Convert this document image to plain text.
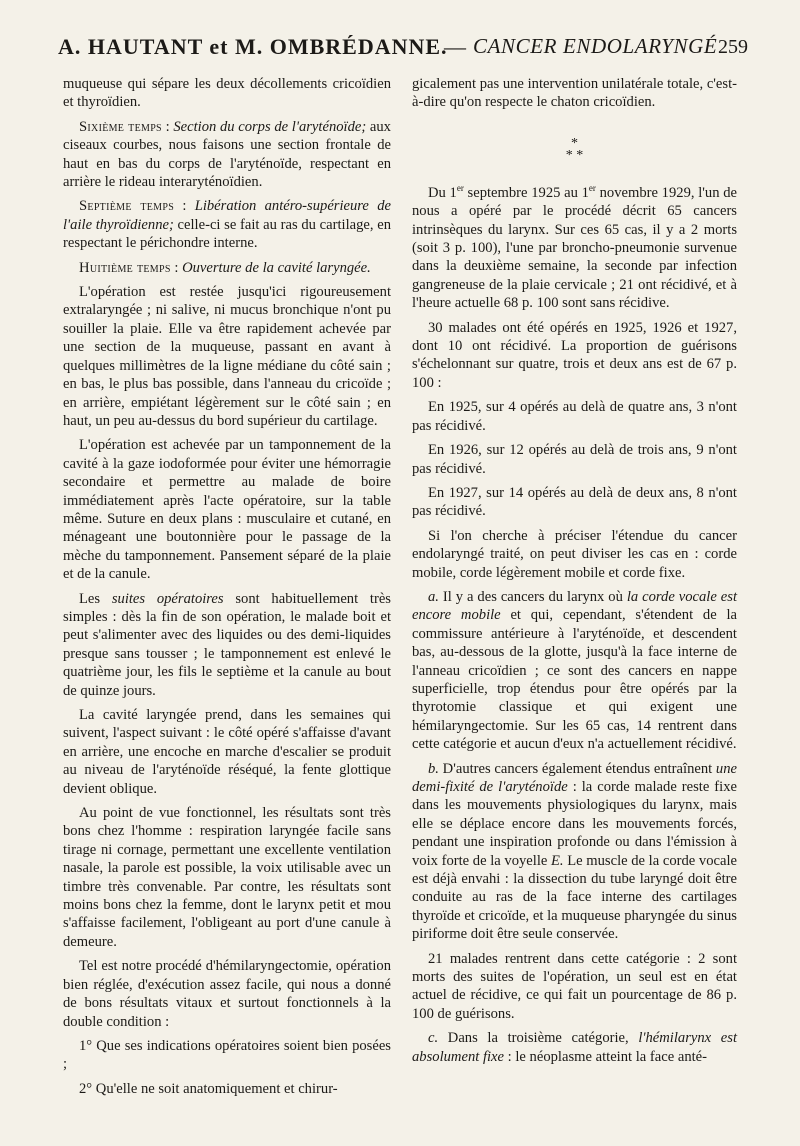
A. HAUTANT et M. OMBRÉDANNE.
— CANCER ENDOLARYNGÉ 259

muqueuse qui sépare les deux décollements cricoïdien et thyroïdien.

Sixième temps : Section du corps de l'aryténoïde; aux ciseaux courbes, nous faisons une section frontale de haut en bas du corps de l'aryténoïde, respectant en arrière le rideau interaryténoïdien.

Septième temps : Libération antéro-supérieure de l'aile thyroïdienne; celle-ci se fait au ras du cartilage, en respectant le périchondre interne.

Huitième temps : Ouverture de la cavité laryngée.

L'opération est restée jusqu'ici rigoureusement extralaryngée ; ni salive, ni mucus bronchique n'ont pu souiller la plaie. Elle va être rapidement achevée par une section de la muqueuse, passant en avant à quelques millimètres de la ligne médiane du côté sain ; en bas, le plus bas possible, dans l'anneau du cricoïde ; en arrière, empiétant légèrement sur le côté sain ; en haut, un peu au-dessus du bord supérieur du cartilage.

L'opération est achevée par un tamponnement de la cavité à la gaze iodoformée pour éviter une hémorragie secondaire et permettre au malade de boire immédiatement après l'acte opératoire, sur la table même. Suture en deux plans : musculaire et cutané, en ménageant une boutonnière pour le passage de la mèche du tamponnement. Pansement séparé de la plaie et de la canule.

Les suites opératoires sont habituellement très simples : dès la fin de son opération, le malade boit et peut s'alimenter avec des liquides ou des demi-liquides presque sans tousser ; le tamponnement est enlevé le quatrième jour, les fils le septième et la canule au bout de quinze jours.

La cavité laryngée prend, dans les semaines qui suivent, l'aspect suivant : le côté opéré s'affaisse d'avant en arrière, une encoche en marche d'escalier se produit au niveau de l'aryténoïde réséqué, la fente glottique devient oblique.

Au point de vue fonctionnel, les résultats sont très bons chez l'homme : respiration laryngée facile sans tirage ni cornage, permettant une excellente ventilation nasale, la parole est possible, la voix utilisable avec un timbre très convenable. Par contre, les résultats sont moins bons chez la femme, dont le larynx petit et mou s'affaisse facilement, l'obligeant au port d'une canule à demeure.

Tel est notre procédé d'hémilaryngectomie, opération bien réglée, d'exécution assez facile, qui nous a donné de bons résultats vitaux et surtout fonctionnels à la double condition :

1° Que ses indications opératoires soient bien posées ;

2° Qu'elle ne soit anatomiquement et chirur-

gicalement pas une intervention unilatérale totale, c'est-à-dire qu'on respecte le chaton cricoïdien.

*
* *

Du 1er septembre 1925 au 1er novembre 1929, l'un de nous a opéré par le procédé décrit 65 cancers intrinsèques du larynx. Sur ces 65 cas, il y a 2 morts (soit 3 p. 100), l'une par broncho-pneumonie survenue dans la deuxième semaine, la seconde par infection gangreneuse de la plaie cervicale ; 21 ont récidivé, et à l'heure actuelle 68 p. 100 sont sans récidive.

30 malades ont été opérés en 1925, 1926 et 1927, dont 10 ont récidivé. La proportion de guérisons s'échelonnant sur quatre, trois et deux ans est de 67 p. 100 :

En 1925, sur 4 opérés au delà de quatre ans, 3 n'ont pas récidivé.

En 1926, sur 12 opérés au delà de trois ans, 9 n'ont pas récidivé.

En 1927, sur 14 opérés au delà de deux ans, 8 n'ont pas récidivé.

Si l'on cherche à préciser l'étendue du cancer endolaryngé traité, on peut diviser les cas en : corde mobile, corde légèrement mobile et corde fixe.

a. Il y a des cancers du larynx où la corde vocale est encore mobile et qui, cependant, s'étendent de la commissure antérieure à l'aryténoïde, et descendent bas, au-dessous de la glotte, jusqu'à la face interne de l'anneau cricoïdien ; ce sont des cancers en nappe superficielle, trop étendus pour être opérés par la thyrotomie classique et qui exigent une hémilaryngectomie. Sur les 65 cas, 14 rentrent dans cette catégorie et aucun d'eux n'a actuellement récidivé.

b. D'autres cancers également étendus entraînent une demi-fixité de l'aryténoïde : la corde malade reste fixe dans les mouvements physiologiques du larynx, mais elle se déplace encore dans les mouvements forcés, pendant une inspiration profonde ou dans l'émission à voix forte de la voyelle E. Le muscle de la corde vocale est déjà envahi : la dissection du tube laryngé doit être conduite au ras de la face interne des cartilages thyroïde et cricoïde, et la muqueuse pharyngée du sinus piriforme doit être seule conservée.

21 malades rentrent dans cette catégorie : 2 sont morts des suites de l'opération, un seul est en état actuel de récidive, ce qui fait un pourcentage de 86 p. 100 de guérisons.

c. Dans la troisième catégorie, l'hémilarynx est absolument fixe : le néoplasme atteint la face anté-
